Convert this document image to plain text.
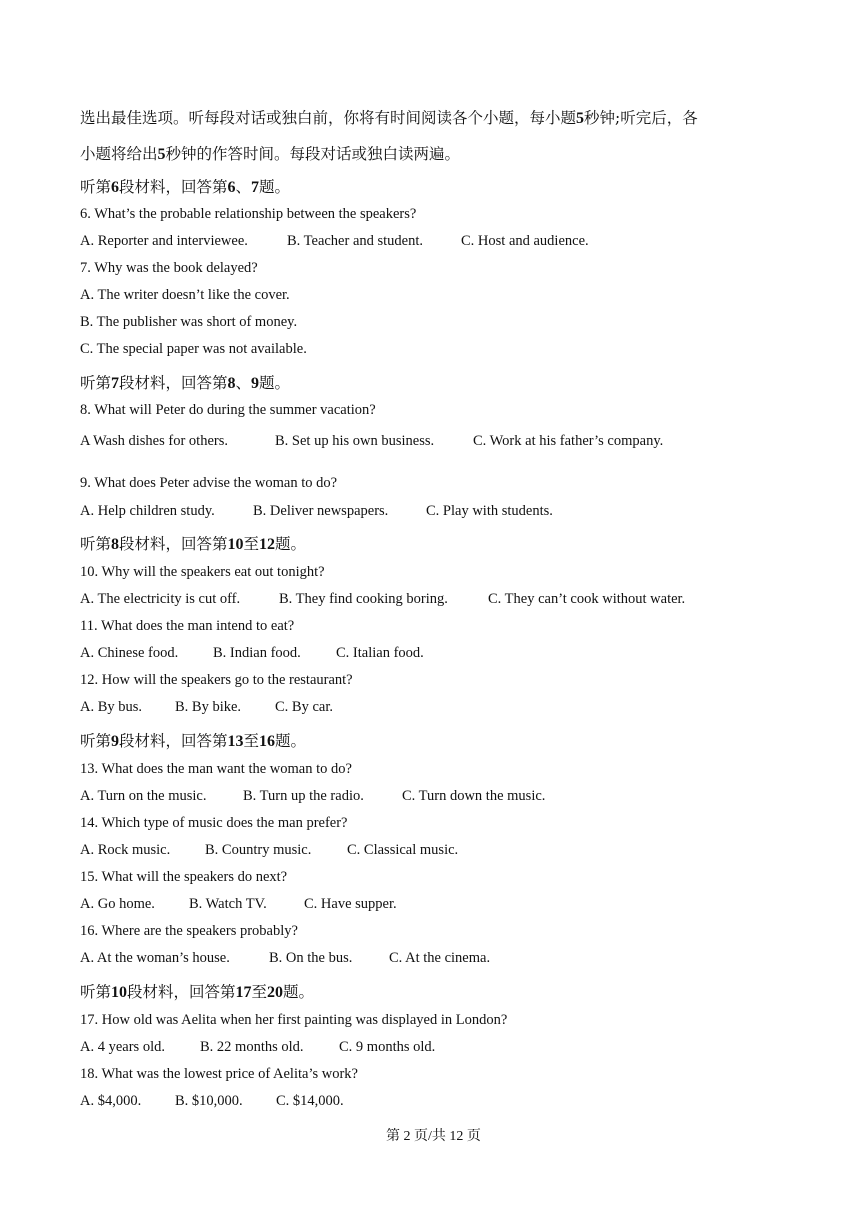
选出最佳选项。听每段对话或独白前，你将有时间阅读各个小题，每小题5秒钟;听完后，各
小题将给出5秒钟的作答时间。每段对话或独白读两遍。
听第6段材料，回答第6、7题。
6. What’s the probable relationship between the speakers?
A. Reporter and interviewee.	B. Teacher and student.	C. Host and audience.
7. Why was the book delayed?
A. The writer doesn’t like the cover.
B. The publisher was short of money.
C. The special paper was not available.
听第7段材料，回答第8、9题。
8. What will Peter do during the summer vacation?
A Wash dishes for others.	B. Set up his own business.	C. Work at his father’s company.
9. What does Peter advise the woman to do?
A. Help children study.	B. Deliver newspapers.	C. Play with students.
听第8段材料，回答第10至12题。
10. Why will the speakers eat out tonight?
A. The electricity is cut off.	B. They find cooking boring.	C. They can’t cook without water.
11. What does the man intend to eat?
A. Chinese food. B. Indian food. C. Italian food.
12. How will the speakers go to the restaurant?
A. By bus. B. By bike. C. By car.
听第9段材料，回答第13至16题。
13. What does the man want the woman to do?
A. Turn on the music.	B. Turn up the radio.	C. Turn down the music.
14. Which type of music does the man prefer?
A. Rock music. B. Country music. C. Classical music.
15. What will the speakers do next?
A. Go home. B. Watch TV.	C. Have supper.
16. Where are the speakers probably?
A. At the woman’s house.	B. On the bus.	C. At the cinema.
听第10段材料，回答第17至20题。
17. How old was Aelita when her first painting was displayed in London?
A. 4 years old. B. 22 months old. C. 9 months old.
18. What was the lowest price of Aelita’s work?
A. $4,000. B. $10,000. C. $14,000.
第 2 页/共 12 页
